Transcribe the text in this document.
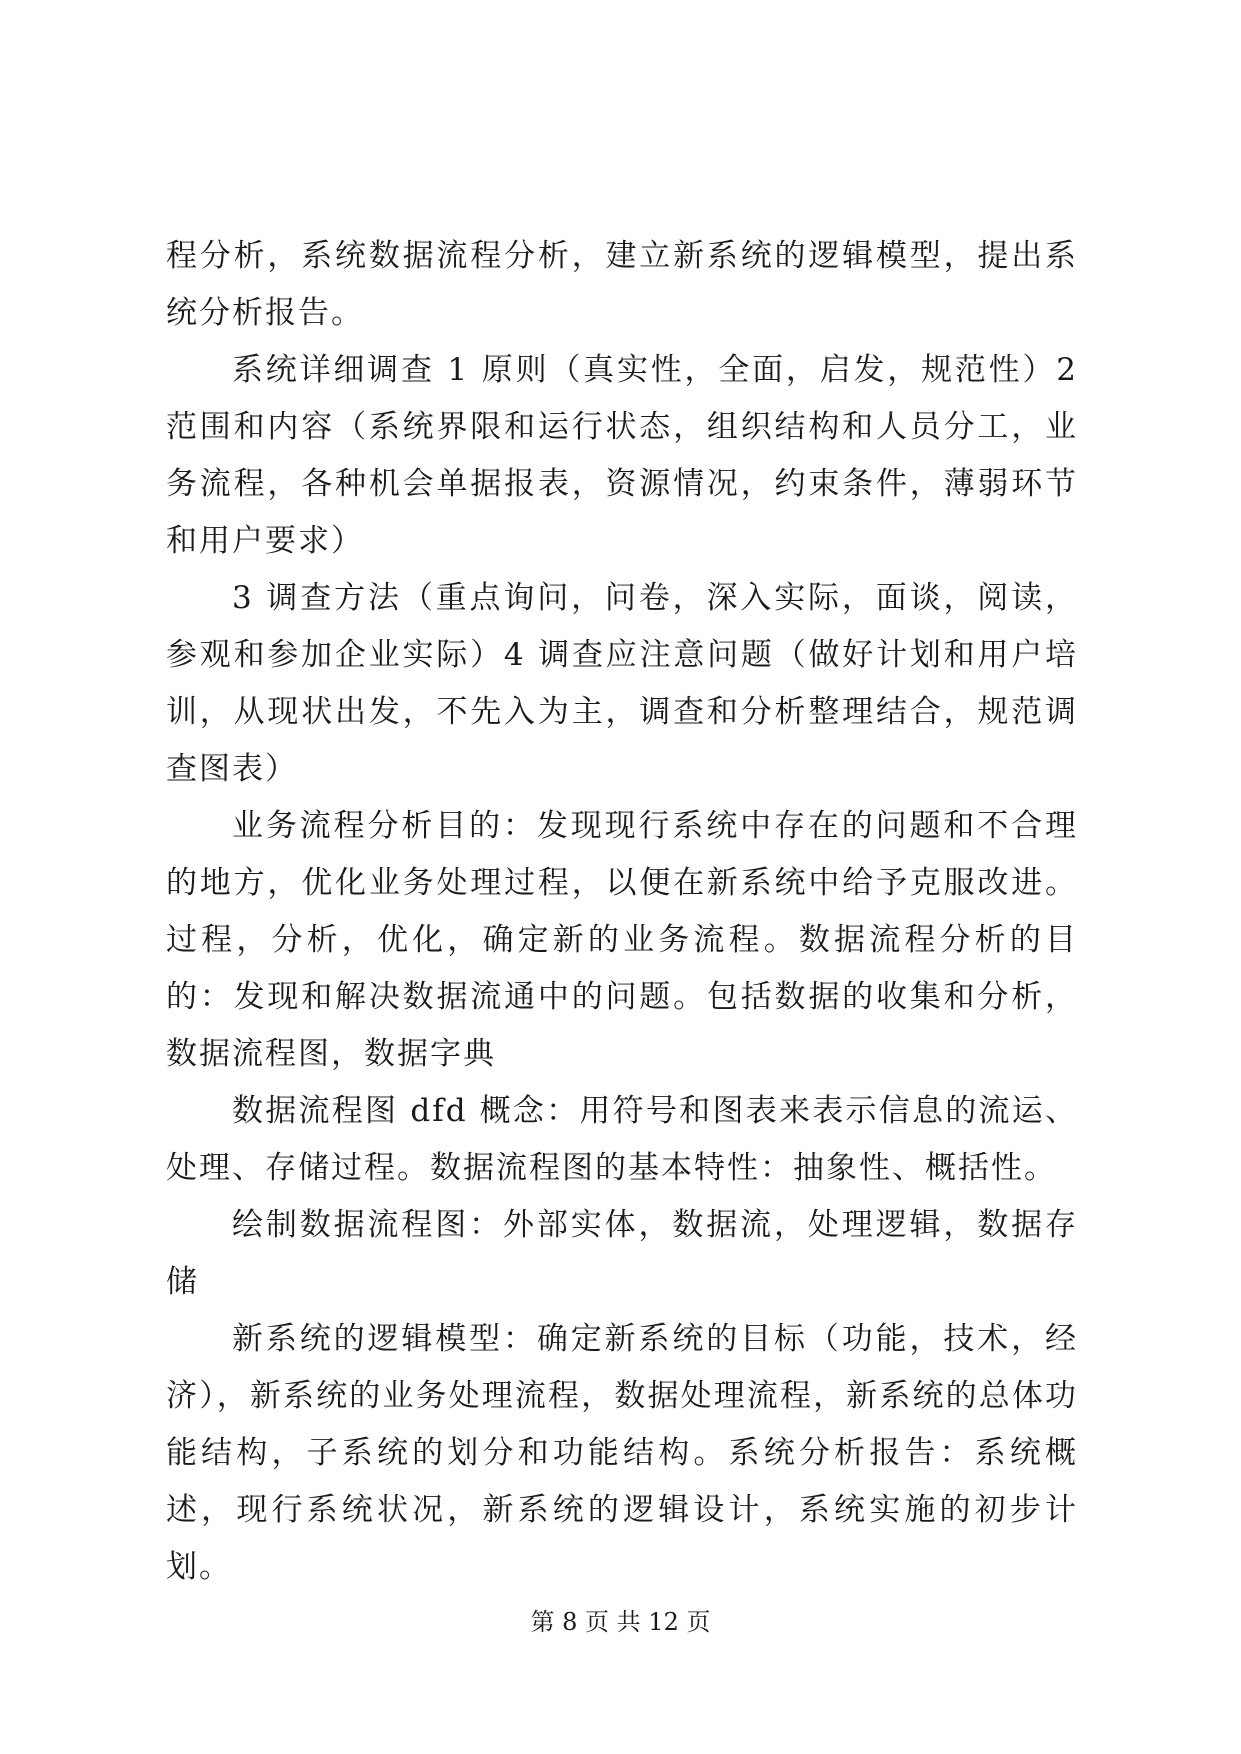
程分析，系统数据流程分析，建立新系统的逻辑模型，提出系统分析报告。

系统详细调查 1 原则（真实性，全面，启发，规范性）2 范围和内容（系统界限和运行状态，组织结构和人员分工，业务流程，各种机会单据报表，资源情况，约束条件，薄弱环节和用户要求）

3 调查方法（重点询问，问卷，深入实际，面谈，阅读，参观和参加企业实际）4 调查应注意问题（做好计划和用户培训，从现状出发，不先入为主，调查和分析整理结合，规范调查图表）

业务流程分析目的：发现现行系统中存在的问题和不合理的地方，优化业务处理过程，以便在新系统中给予克服改进。过程，分析，优化，确定新的业务流程。数据流程分析的目的：发现和解决数据流通中的问题。包括数据的收集和分析，数据流程图，数据字典

数据流程图 dfd 概念：用符号和图表来表示信息的流运、处理、存储过程。数据流程图的基本特性：抽象性、概括性。

绘制数据流程图：外部实体，数据流，处理逻辑，数据存储

新系统的逻辑模型：确定新系统的目标（功能，技术，经济），新系统的业务处理流程，数据处理流程，新系统的总体功能结构，子系统的划分和功能结构。系统分析报告：系统概述，现行系统状况，新系统的逻辑设计，系统实施的初步计划。

第 8 页 共 12 页
